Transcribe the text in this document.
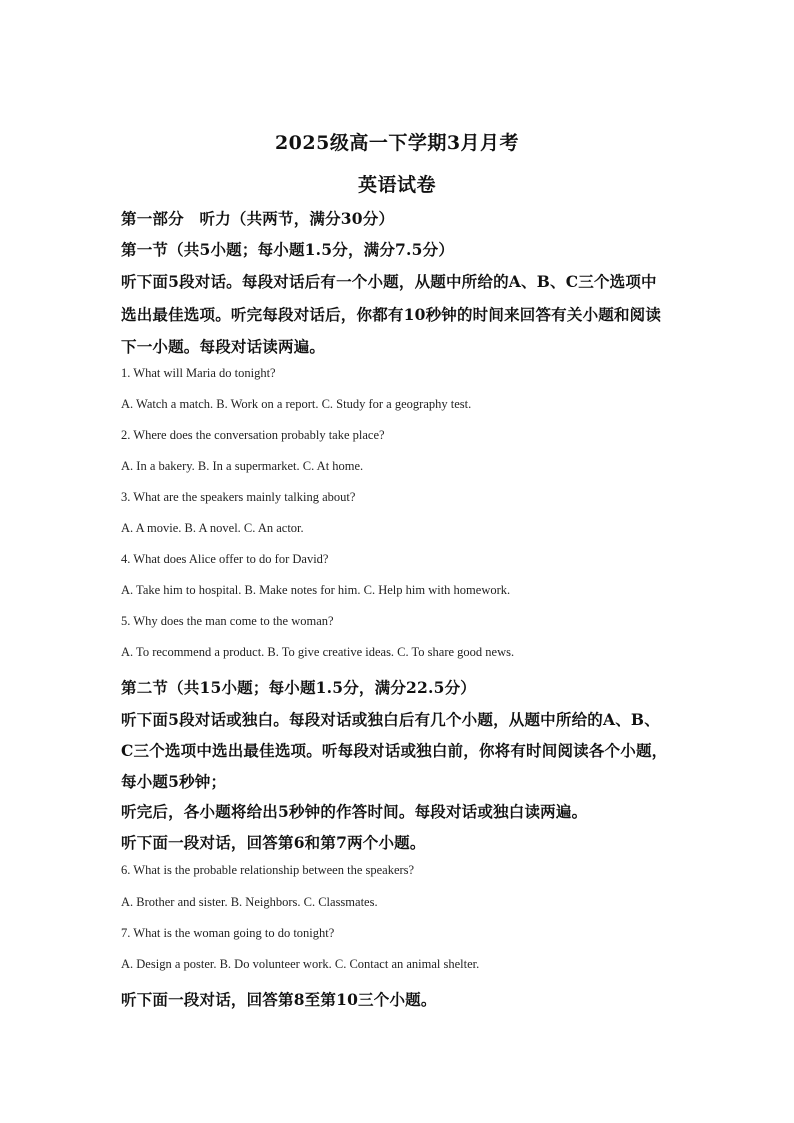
2025级高一下学期3月月考
英语试卷
第一部分　听力（共两节，满分30分）
第一节（共5小题；每小题1.5分，满分7.5分）
听下面5段对话。每段对话后有一个小题，从题中所给的A、B、C三个选项中
选出最佳选项。听完每段对话后，你都有10秒钟的时间来回答有关小题和阅读
下一小题。每段对话读两遍。
1. What will Maria do tonight?
A. Watch a match. B. Work on a report. C. Study for a geography test.
2. Where does the conversation probably take place?
A. In a bakery. B. In a supermarket. C. At home.
3. What are the speakers mainly talking about?
A. A movie. B. A novel. C. An actor.
4. What does Alice offer to do for David?
A. Take him to hospital. B. Make notes for him. C. Help him with homework.
5. Why does the man come to the woman?
A. To recommend a product. B. To give creative ideas. C. To share good news.
第二节（共15小题；每小题1.5分，满分22.5分）
听下面5段对话或独白。每段对话或独白后有几个小题，从题中所给的A、B、
C三个选项中选出最佳选项。听每段对话或独白前，你将有时间阅读各个小题，
每小题5秒钟；
听完后，各小题将给出5秒钟的作答时间。每段对话或独白读两遍。
听下面一段对话，回答第6和第7两个小题。
6. What is the probable relationship between the speakers?
A. Brother and sister. B. Neighbors. C. Classmates.
7. What is the woman going to do tonight?
A. Design a poster. B. Do volunteer work. C. Contact an animal shelter.
听下面一段对话，回答第8至第10三个小题。
